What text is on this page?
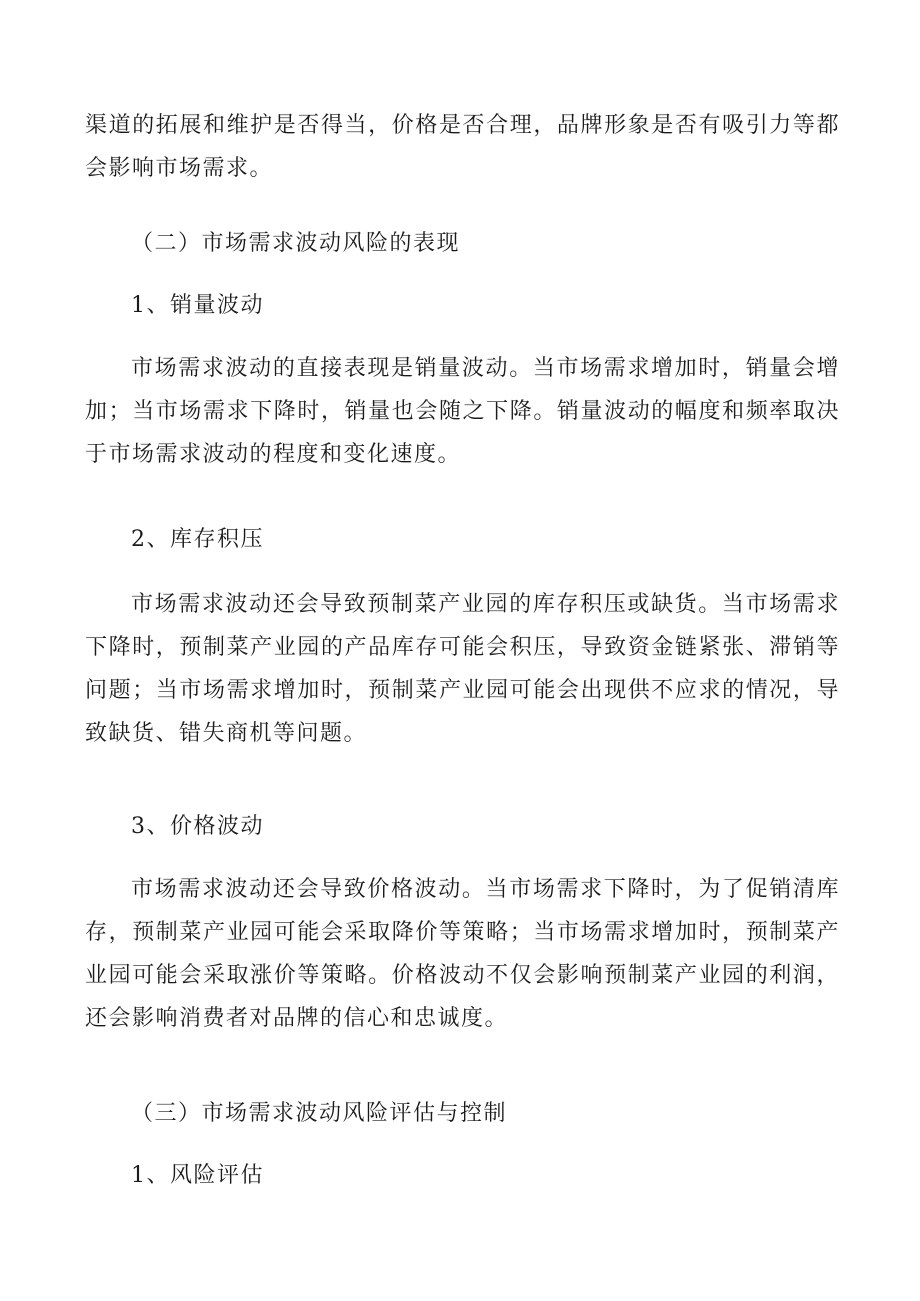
渠道的拓展和维护是否得当，价格是否合理，品牌形象是否有吸引力等都会影响市场需求。
（二）市场需求波动风险的表现
1、销量波动
市场需求波动的直接表现是销量波动。当市场需求增加时，销量会增加；当市场需求下降时，销量也会随之下降。销量波动的幅度和频率取决于市场需求波动的程度和变化速度。
2、库存积压
市场需求波动还会导致预制菜产业园的库存积压或缺货。当市场需求下降时，预制菜产业园的产品库存可能会积压，导致资金链紧张、滞销等问题；当市场需求增加时，预制菜产业园可能会出现供不应求的情况，导致缺货、错失商机等问题。
3、价格波动
市场需求波动还会导致价格波动。当市场需求下降时，为了促销清库存，预制菜产业园可能会采取降价等策略；当市场需求增加时，预制菜产业园可能会采取涨价等策略。价格波动不仅会影响预制菜产业园的利润，还会影响消费者对品牌的信心和忠诚度。
（三）市场需求波动风险评估与控制
1、风险评估
